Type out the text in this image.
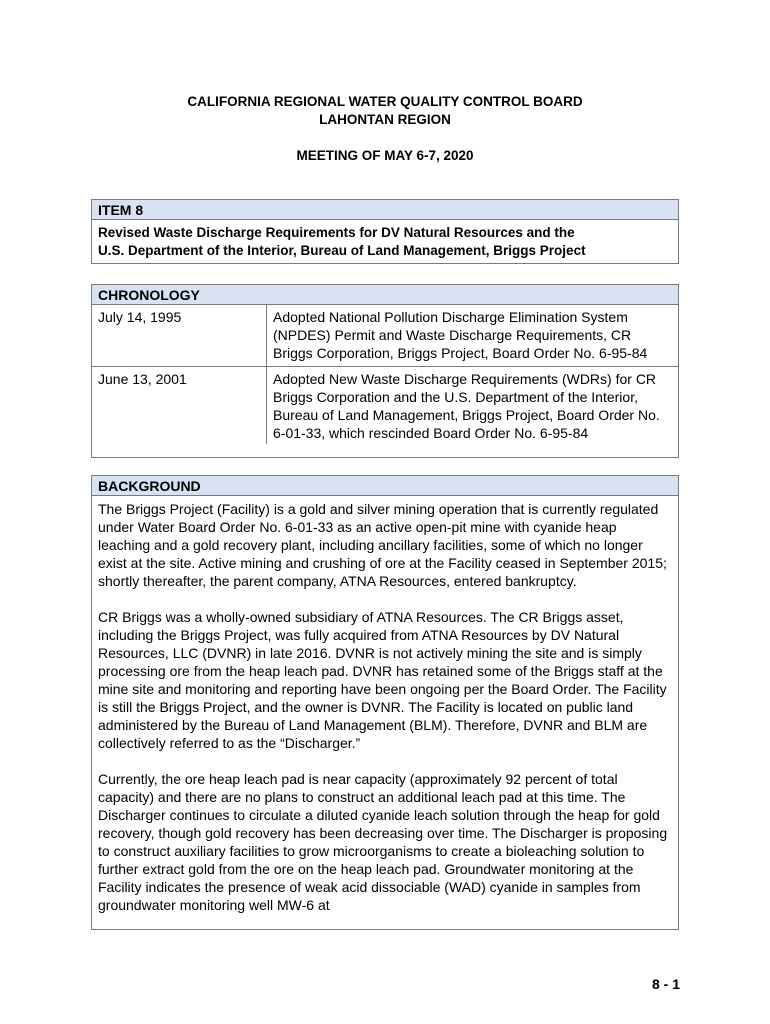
CALIFORNIA REGIONAL WATER QUALITY CONTROL BOARD
LAHONTAN REGION
MEETING OF MAY 6-7, 2020
ITEM 8
Revised Waste Discharge Requirements for DV Natural Resources and the
U.S. Department of the Interior, Bureau of Land Management, Briggs Project
CHRONOLOGY
July 14, 1995	Adopted National Pollution Discharge Elimination System (NPDES) Permit and Waste Discharge Requirements, CR Briggs Corporation, Briggs Project, Board Order No. 6-95-84
June 13, 2001	Adopted New Waste Discharge Requirements (WDRs) for CR Briggs Corporation and the U.S. Department of the Interior, Bureau of Land Management, Briggs Project, Board Order No. 6-01-33, which rescinded Board Order No. 6-95-84
BACKGROUND

The Briggs Project (Facility) is a gold and silver mining operation that is currently regulated under Water Board Order No. 6-01-33 as an active open-pit mine with cyanide heap leaching and a gold recovery plant, including ancillary facilities, some of which no longer exist at the site. Active mining and crushing of ore at the Facility ceased in September 2015; shortly thereafter, the parent company, ATNA Resources, entered bankruptcy.

CR Briggs was a wholly-owned subsidiary of ATNA Resources. The CR Briggs asset, including the Briggs Project, was fully acquired from ATNA Resources by DV Natural Resources, LLC (DVNR) in late 2016. DVNR is not actively mining the site and is simply processing ore from the heap leach pad. DVNR has retained some of the Briggs staff at the mine site and monitoring and reporting have been ongoing per the Board Order. The Facility is still the Briggs Project, and the owner is DVNR. The Facility is located on public land administered by the Bureau of Land Management (BLM). Therefore, DVNR and BLM are collectively referred to as the “Discharger.”

Currently, the ore heap leach pad is near capacity (approximately 92 percent of total capacity) and there are no plans to construct an additional leach pad at this time. The Discharger continues to circulate a diluted cyanide leach solution through the heap for gold recovery, though gold recovery has been decreasing over time. The Discharger is proposing to construct auxiliary facilities to grow microorganisms to create a bioleaching solution to further extract gold from the ore on the heap leach pad. Groundwater monitoring at the Facility indicates the presence of weak acid dissociable (WAD) cyanide in samples from groundwater monitoring well MW-6 at

8 - 1
